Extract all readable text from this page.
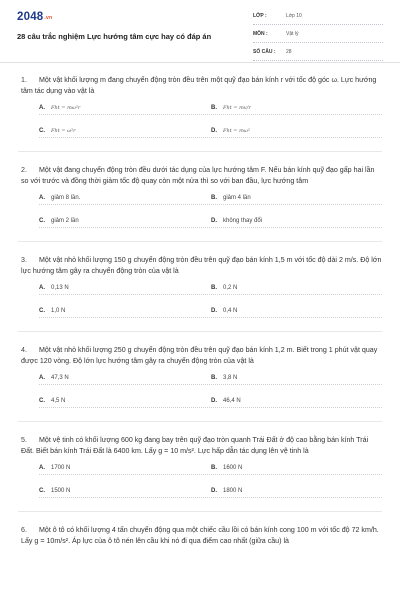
2048.vn
28 câu trắc nghiệm Lực hướng tâm cực hay có đáp án
LỚP :	Lớp 10
MÔN :	Vật lý
SỐ CÂU : 28
1. Một vật khối lượng m đang chuyển động tròn đều trên một quỹ đạo bán kính r với tốc độ góc ω. Lực hướng tâm tác dụng vào vật là
A. Fht = mω²r	B. Fht = mv/r
C. Fht = ω²r	D. Fht = mω²
2. Một vật đang chuyển động tròn đều dưới tác dụng của lực hướng tâm F. Nếu bán kính quỹ đạo gấp hai lần so với trước và đồng thời giảm tốc độ quay còn một nửa thì so với ban đầu, lực hướng tâm
A. giảm 8 lần.	B. giảm 4 lần
C. giảm 2 lần	D. không thay đổi
3. Một vật nhỏ khối lượng 150 g chuyển động tròn đều trên quỹ đạo bán kính 1,5 m với tốc độ dài 2 m/s. Độ lớn lực hướng tâm gây ra chuyển động tròn của vật là
A. 0,13 N	B. 0,2 N
C. 1,0 N	D. 0,4 N
4. Một vật nhỏ khối lượng 250 g chuyển động tròn đều trên quỹ đạo bán kính 1,2 m. Biết trong 1 phút vật quay được 120 vòng. Độ lớn lực hướng tâm gây ra chuyển động tròn của vật là
A. 47,3 N	B. 3,8 N
C. 4,5 N	D. 46,4 N
5. Một vệ tinh có khối lượng 600 kg đang bay trên quỹ đạo tròn quanh Trái Đất ở độ cao bằng bán kính Trái Đất. Biết bán kính Trái Đất là 6400 km. Lấy g = 10 m/s². Lực hấp dẫn tác dụng lên vệ tinh là
A. 1700 N	B. 1600 N
C. 1500 N	D. 1800 N
6. Một ô tô có khối lượng 4 tấn chuyển động qua một chiếc cầu lồi có bán kính cong 100 m với tốc độ 72 km/h. Lấy g = 10m/s². Áp lực của ô tô nén lên cầu khi nó đi qua điểm cao nhất (giữa cầu) là
